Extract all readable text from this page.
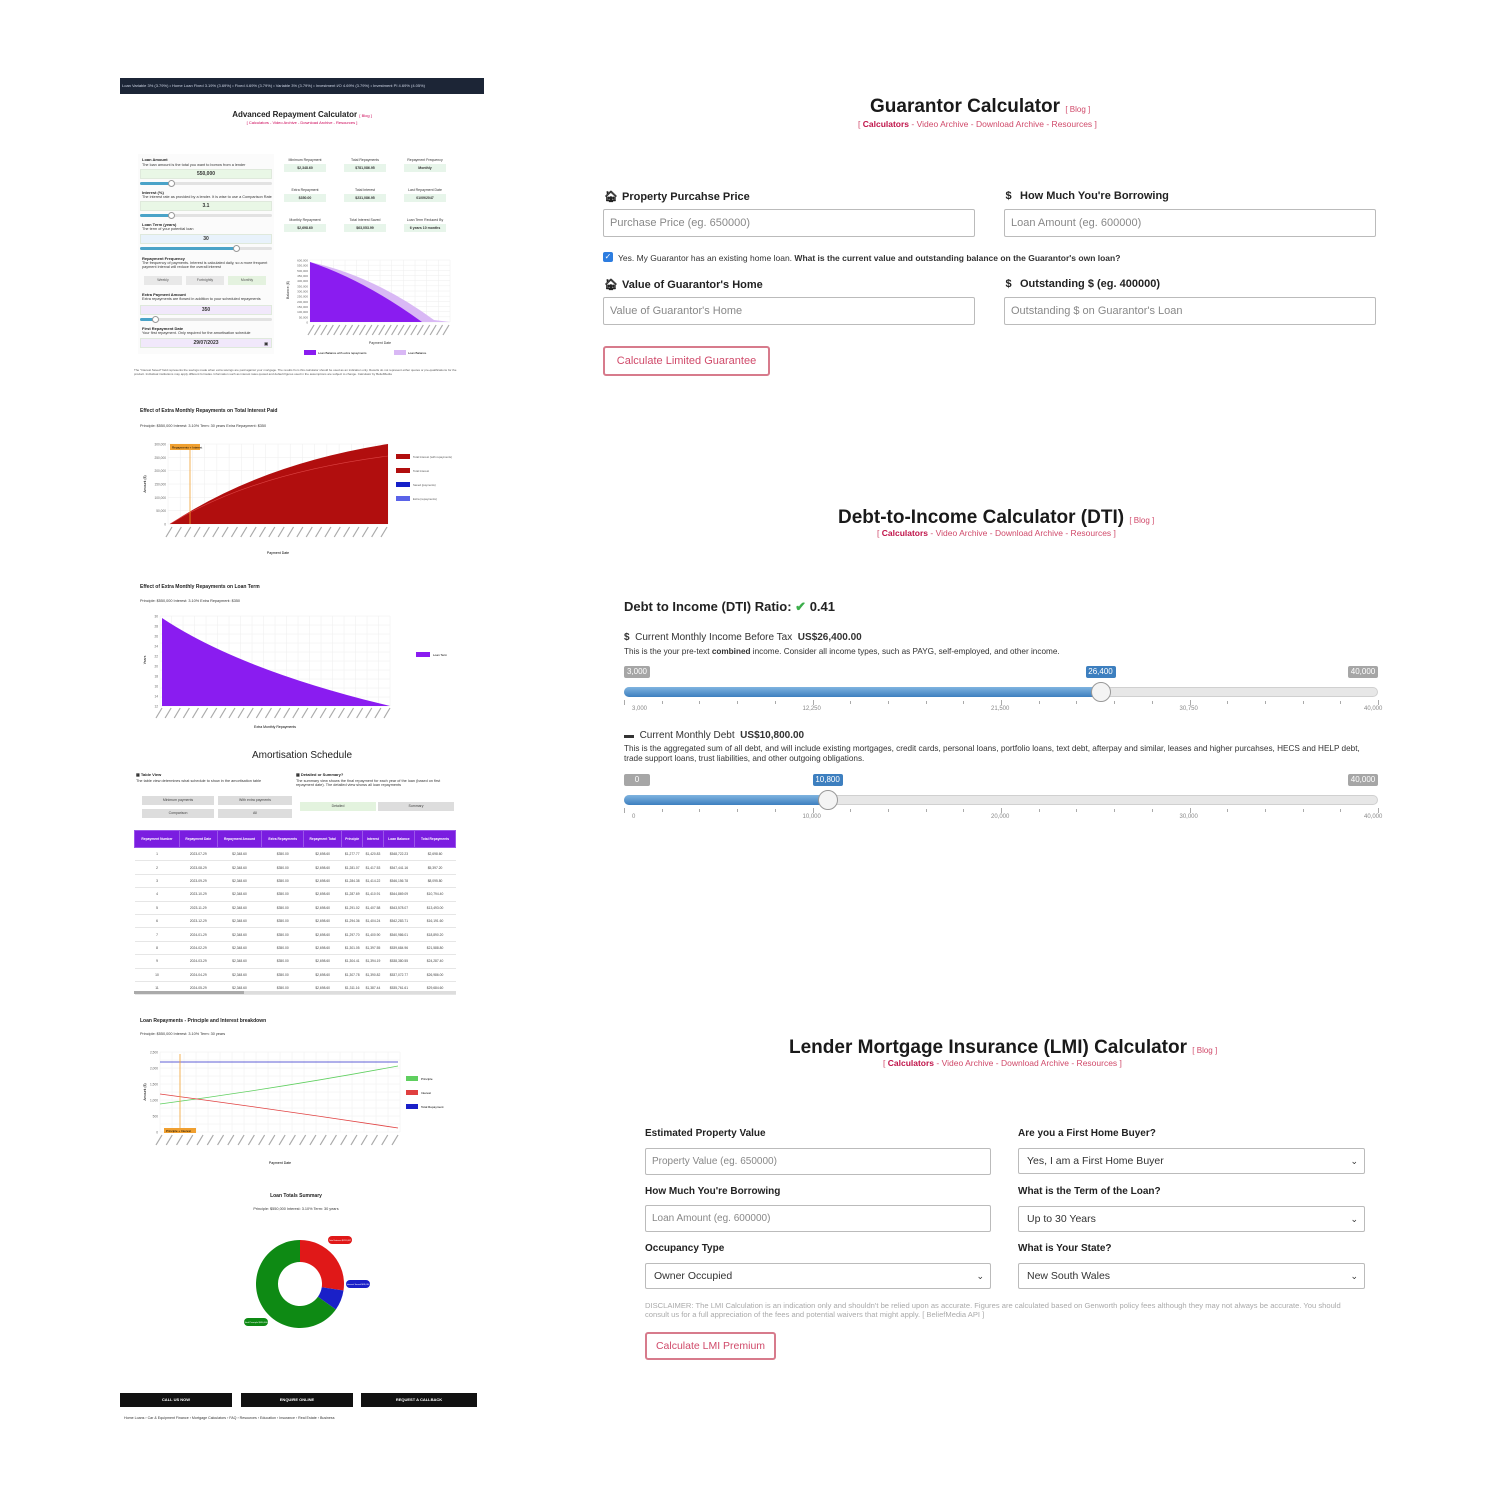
Loan Variable 3% (3.79%) • Home Loan Fixed 3.19% (3.69%) • Fixed 4.69% (3.79%) • Variable 3% (3.79%) • Investment I/O 4.69% (3.79%) • Investment PI 4.69% (4.05%)
Advanced Repayment Calculator [ Blog ]
[ Calculators - Video Archive - Download Archive - Resources ]
Loan Amount
The loan amount is the total you want to borrow from a lender
550,000
Interest (%)
The interest rate as provided by a lender. It is wise to use a Comparison Rate
3.1
Loan Term (years)
The term of your potential loan
30
Repayment Frequency
The frequency of payments. Interest is calculated daily, so a more frequent payment interval will reduce the overall interest
Weekly	Fortnightly	Monthly
Extra Payment Amount
Extra repayments are flowed in addition to your scheduled repayments
350
First Repayment Date
Your first repayment. Only required for the amortisation schedule
29/07/2023	▣
Minimum Repayment
$2,348.60
Total Repayments
$781,086.95
Repayment Frequency
Monthly
Extra Repayment
$350.00
Total Interest
$231,086.95
Last Repayment Date
01/09/2047
Monthly Repayment
$2,698.60
Total Interest Saved
$63,053.99
Loan Term Reduced By
6 years 10 months
600,000
550,000
500,000
450,000
400,000
350,000
300,000
250,000
200,000
150,000
100,000
50,000
0
Balance ($)
Payment Date
Loan Balance with extra repayments	Loan Balance
The "Interest Saved" field represents the savings made when extra savings are paid against your mortgage. The results from this calculator should be used as an indication only. Results do not represent either quotes or pre-qualifications for the product. Individual institutions may apply different formulas. Information such as interest rates quoted and default figures used in the assumptions are subject to change. Calculator by BeliefMedia
Effect of Extra Monthly Repayments on Total Interest Paid
Principle: $550,000 Interest: 3.10% Term: 30 years Extra Repayment: $350
300,000
250,000
200,000
150,000
100,000
50,000
0
Amount ($)
Repayments + Interest
Payment Date
Total Interest (with repayments)
Total Interest
Saved (payments)
Extra (repayments)
Effect of Extra Monthly Repayments on Loan Term
Principle: $550,000 Interest: 3.10% Extra Repayment: $350
30
28
26
24
22
20
18
16
14
12
Years
Extra Monthly Repayments
Loan Term
Amortisation Schedule
▦ Table View
The table view determines what schedule to show in the amortisation table
▦ Detailed or Summary?
The summary view shows the final repayment for each year of the loan (based on first repayment date). The detailed view shows all loan repayments
Minimum payments	With extra payments
Comparison	All
Detailed	Summary
Repayment Number	Repayment Date	Repayment Amount	Extra Repayments	Repayment Total	Principle	Interest	Loan Balance	Total Repayments
1	2023-07-29	$2,348.60	$350.00	$2,698.60	$1,277.77	$1,420.83	$548,722.23	$2,698.60
2	2023-08-29	$2,348.60	$350.00	$2,698.60	$1,281.07	$1,417.53	$547,441.16	$5,397.20
3	2023-09-29	$2,348.60	$350.00	$2,698.60	$1,284.38	$1,414.22	$546,156.78	$8,095.80
4	2023-10-29	$2,348.60	$350.00	$2,698.60	$1,287.69	$1,410.91	$544,869.09	$10,794.40
5	2023-11-29	$2,348.60	$350.00	$2,698.60	$1,291.02	$1,407.58	$543,578.07	$13,493.00
6	2023-12-29	$2,348.60	$350.00	$2,698.60	$1,294.36	$1,404.24	$542,283.71	$16,191.60
7	2024-01-29	$2,348.60	$350.00	$2,698.60	$1,297.70	$1,400.90	$540,986.01	$18,890.20
8	2024-02-29	$2,348.60	$350.00	$2,698.60	$1,301.05	$1,397.55	$539,684.96	$21,588.80
9	2024-03-29	$2,348.60	$350.00	$2,698.60	$1,304.41	$1,394.19	$538,380.55	$24,287.40
10	2024-04-29	$2,348.60	$350.00	$2,698.60	$1,307.78	$1,390.82	$537,072.77	$26,986.00
11	2024-05-29	$2,348.60	$350.00	$2,698.60	$1,311.16	$1,387.44	$535,761.61	$29,684.60
Loan Repayments - Principle and Interest breakdown
Principle: $550,000 Interest: 3.10% Term: 30 years
2,500
2,000
1,500
1,000
500
0
Amount ($)
Principle + Interest
Payment Date
Principle
Interest
Total Repayment
Loan Totals Summary
Principle: $550,000 Interest: 3.10% Term: 30 years
Total Interest $231,087
Interest Saved $63,054
Total Principle $550,000
CALL US NOW	ENQUIRE ONLINE	REQUEST A CALLBACK
Home Loans › Car & Equipment Finance › Mortgage Calculators › FAQ › Resources › Education › Insurance › Real Estate › Business
Guarantor Calculator [ Blog ]
[ Calculators - Video Archive - Download Archive - Resources ]
🏠︎ Property Purcahse Price
Purchase Price (eg. 650000)
$ How Much You're Borrowing
Loan Amount (eg. 600000)
✓ Yes. My Guarantor has an existing home loan. What is the current value and outstanding balance on the Guarantor's own loan?
🏠︎ Value of Guarantor's Home
Value of Guarantor's Home
$ Outstanding $ (eg. 400000)
Outstanding $ on Guarantor's Loan
Calculate Limited Guarantee
Debt-to-Income Calculator (DTI) [ Blog ]
[ Calculators - Video Archive - Download Archive - Resources ]
Debt to Income (DTI) Ratio: ✔ 0.41
$ Current Monthly Income Before Tax US$26,400.00
This is the your pre-text combined income. Consider all income types, such as PAYG, self-employed, and other income.
3,000	40,000
26,400
3,000	12,250	21,500	30,750	40,000
▬ Current Monthly Debt US$10,800.00
This is the aggregated sum of all debt, and will include existing mortgages, credit cards, personal loans, portfolio loans, text debt, afterpay and similar, leases and higher purcahses, HECS and HELP debt, trade support loans, trust liabilities, and other outgoing obligations.
0	40,000
10,800
0	10,000	20,000	30,000	40,000
Lender Mortgage Insurance (LMI) Calculator [ Blog ]
[ Calculators - Video Archive - Download Archive - Resources ]
Estimated Property Value
Property Value (eg. 650000)
Are you a First Home Buyer?
Yes, I am a First Home Buyer	⌄
How Much You're Borrowing
Loan Amount (eg. 600000)
What is the Term of the Loan?
Up to 30 Years	⌄
Occupancy Type
Owner Occupied	⌄
What is Your State?
New South Wales	⌄
DISCLAIMER: The LMI Calculation is an indication only and shouldn't be relied upon as accurate. Figures are calculated based on Genworth policy fees although they may not always be accurate. You should consult us for a full appreciation of the fees and potential waivers that might apply. [ BeliefMedia API ]
Calculate LMI Premium
